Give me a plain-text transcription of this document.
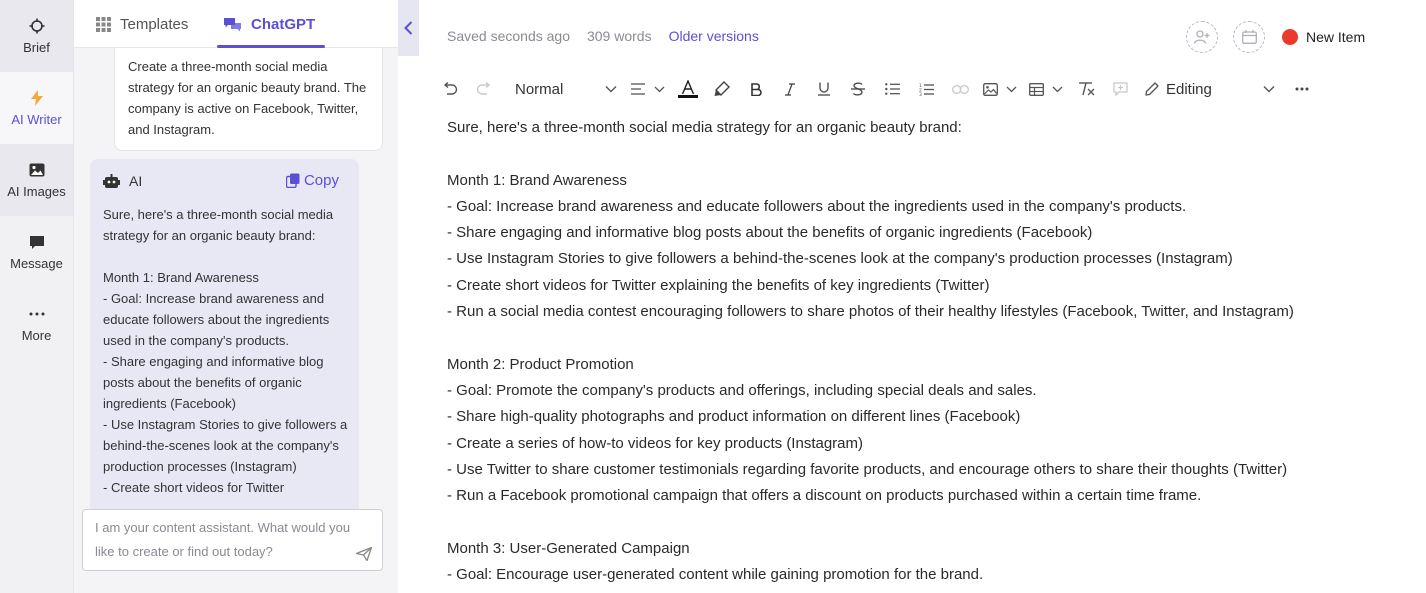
Brief
AI Writer
AI Images
Message
More
Templates	ChatGPT

Create a three-month social media strategy for an organic beauty brand. The company is active on Facebook, Twitter, and Instagram.

AI	Copy
Sure, here's a three-month social media strategy for an organic beauty brand:

Month 1: Brand Awareness
- Goal: Increase brand awareness and educate followers about the ingredients used in the company's products.
- Share engaging and informative blog posts about the benefits of organic ingredients (Facebook)
- Use Instagram Stories to give followers a behind-the-scenes look at the company's production processes (Instagram)
- Create short videos for Twitter
I am your content assistant. What would you like to create or find out today?
Saved seconds ago 309 words Older versions	New Item
Normal	1
2
3	Editing
Sure, here's a three-month social media strategy for an organic beauty brand:
Month 1: Brand Awareness
- Goal: Increase brand awareness and educate followers about the ingredients used in the company's products.
- Share engaging and informative blog posts about the benefits of organic ingredients (Facebook)
- Use Instagram Stories to give followers a behind-the-scenes look at the company's production processes (Instagram)
- Create short videos for Twitter explaining the benefits of key ingredients (Twitter)
- Run a social media contest encouraging followers to share photos of their healthy lifestyles (Facebook, Twitter, and Instagram)
Month 2: Product Promotion
- Goal: Promote the company's products and offerings, including special deals and sales.
- Share high-quality photographs and product information on different lines (Facebook)
- Create a series of how-to videos for key products (Instagram)
- Use Twitter to share customer testimonials regarding favorite products, and encourage others to share their thoughts (Twitter)
- Run a Facebook promotional campaign that offers a discount on products purchased within a certain time frame.
Month 3: User-Generated Campaign
- Goal: Encourage user-generated content while gaining promotion for the brand.
